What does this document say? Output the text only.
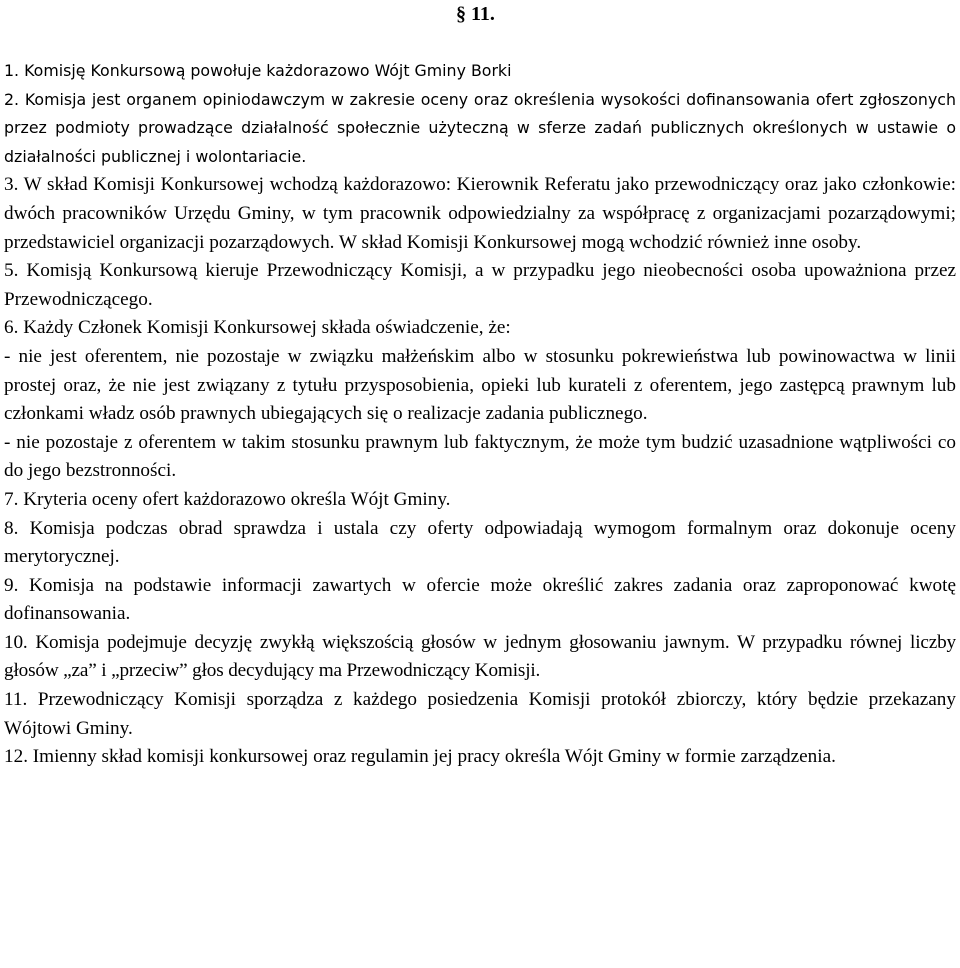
§ 11.

1. Komisję Konkursową powołuje każdorazowo Wójt Gminy Borki

2. Komisja jest organem opiniodawczym w zakresie oceny oraz określenia wysokości dofinansowania ofert zgłoszonych przez podmioty prowadzące działalność społecznie użyteczną w sferze zadań publicznych określonych w ustawie o działalności publicznej i wolontariacie.

3. W skład Komisji Konkursowej wchodzą każdorazowo: Kierownik Referatu jako przewodniczący oraz jako członkowie: dwóch pracowników Urzędu Gminy, w tym pracownik odpowiedzialny za współpracę z organizacjami pozarządowymi; przedstawiciel organizacji pozarządowych. W skład Komisji Konkursowej mogą wchodzić również inne osoby.

5. Komisją Konkursową kieruje Przewodniczący Komisji, a w przypadku jego nieobecności osoba upoważniona przez Przewodniczącego.

6. Każdy Członek Komisji Konkursowej składa oświadczenie, że:

- nie jest oferentem, nie pozostaje w związku małżeńskim albo w stosunku pokrewieństwa lub powinowactwa w linii prostej oraz, że nie jest związany z tytułu przysposobienia, opieki lub kurateli z oferentem, jego zastępcą prawnym lub członkami władz osób prawnych ubiegających się o realizacje zadania publicznego.

- nie pozostaje z oferentem w takim stosunku prawnym lub faktycznym, że może tym budzić uzasadnione wątpliwości co do jego bezstronności.

7. Kryteria oceny ofert każdorazowo określa Wójt Gminy.

8. Komisja podczas obrad sprawdza i ustala czy oferty odpowiadają wymogom formalnym oraz dokonuje oceny merytorycznej.

9. Komisja na podstawie informacji zawartych w ofercie może określić zakres zadania oraz zaproponować kwotę dofinansowania.

10. Komisja podejmuje decyzję zwykłą większością głosów w jednym głosowaniu jawnym. W przypadku równej liczby głosów „za” i „przeciw” głos decydujący ma Przewodniczący Komisji.

11. Przewodniczący Komisji sporządza z każdego posiedzenia Komisji protokół zbiorczy, który będzie przekazany Wójtowi Gminy.

12. Imienny skład komisji konkursowej oraz regulamin jej pracy określa Wójt Gminy w formie zarządzenia.
